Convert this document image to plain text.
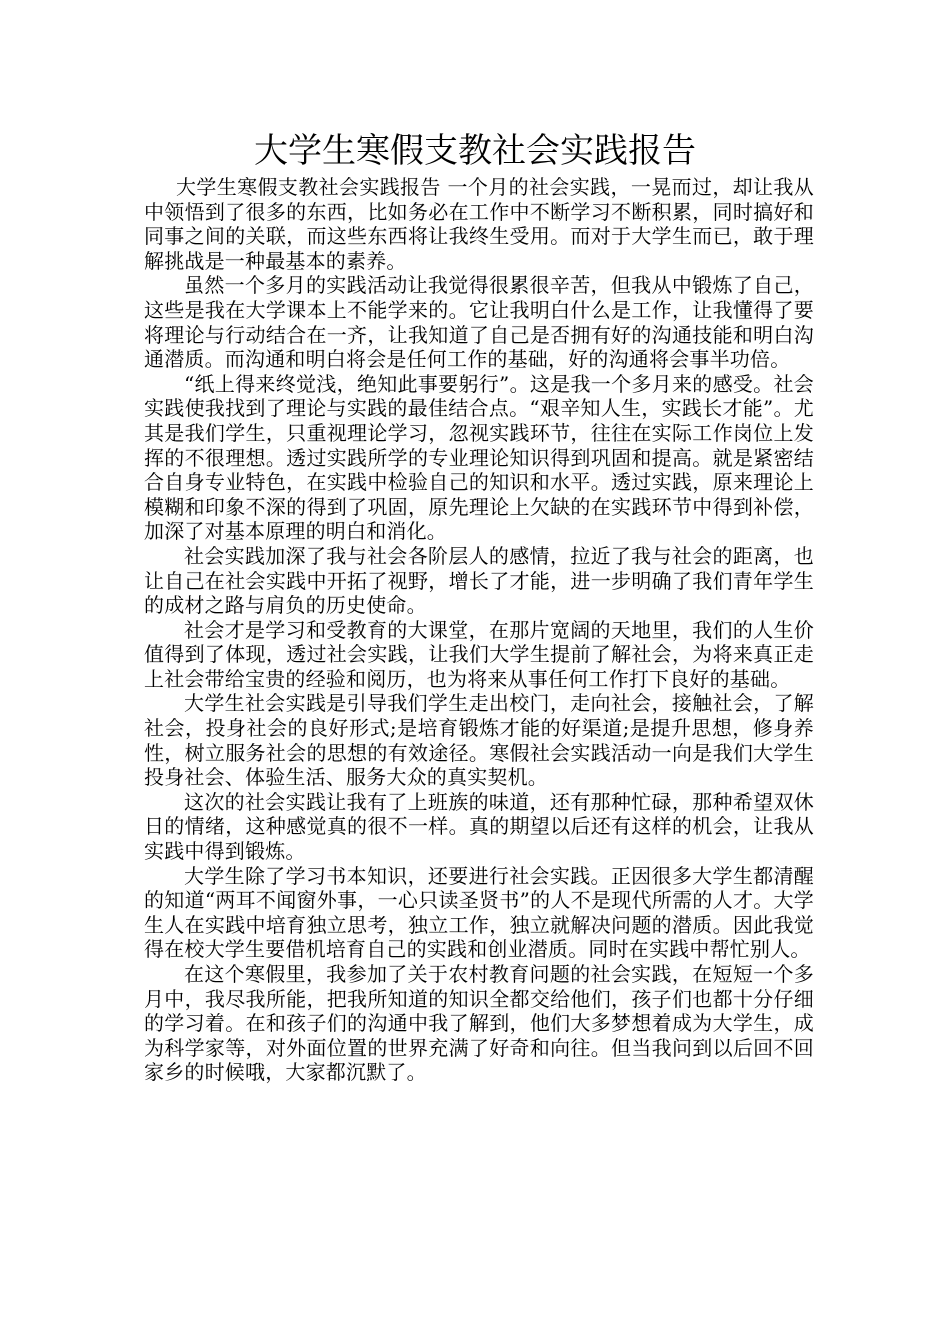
大学生寒假支教社会实践报告

大学生寒假支教社会实践报告 一个月的社会实践，一晃而过，却让我从中领悟到了很多的东西，比如务必在工作中不断学习不断积累，同时搞好和同事之间的关联，而这些东西将让我终生受用。而对于大学生而已，敢于理解挑战是一种最基本的素养。

虽然一个多月的实践活动让我觉得很累很辛苦，但我从中锻炼了自己，这些是我在大学课本上不能学来的。它让我明白什么是工作，让我懂得了要将理论与行动结合在一齐，让我知道了自己是否拥有好的沟通技能和明白沟通潜质。而沟通和明白将会是任何工作的基础，好的沟通将会事半功倍。

“纸上得来终觉浅，绝知此事要躬行”。这是我一个多月来的感受。社会实践使我找到了理论与实践的最佳结合点。“艰辛知人生，实践长才能”。尤其是我们学生，只重视理论学习，忽视实践环节，往往在实际工作岗位上发挥的不很理想。透过实践所学的专业理论知识得到巩固和提高。就是紧密结合自身专业特色，在实践中检验自己的知识和水平。透过实践，原来理论上模糊和印象不深的得到了巩固，原先理论上欠缺的在实践环节中得到补偿，加深了对基本原理的明白和消化。

社会实践加深了我与社会各阶层人的感情，拉近了我与社会的距离，也让自己在社会实践中开拓了视野，增长了才能，进一步明确了我们青年学生的成材之路与肩负的历史使命。

社会才是学习和受教育的大课堂，在那片宽阔的天地里，我们的人生价值得到了体现，透过社会实践，让我们大学生提前了解社会，为将来真正走上社会带给宝贵的经验和阅历，也为将来从事任何工作打下良好的基础。

大学生社会实践是引导我们学生走出校门，走向社会，接触社会，了解社会，投身社会的良好形式;是培育锻炼才能的好渠道;是提升思想，修身养性，树立服务社会的思想的有效途径。寒假社会实践活动一向是我们大学生投身社会、体验生活、服务大众的真实契机。

这次的社会实践让我有了上班族的味道，还有那种忙碌，那种希望双休日的情绪，这种感觉真的很不一样。真的期望以后还有这样的机会，让我从实践中得到锻炼。

大学生除了学习书本知识，还要进行社会实践。正因很多大学生都清醒的知道“两耳不闻窗外事，一心只读圣贤书”的人不是现代所需的人才。大学生人在实践中培育独立思考，独立工作，独立就解决问题的潜质。因此我觉得在校大学生要借机培育自己的实践和创业潜质。同时在实践中帮忙别人。

在这个寒假里，我参加了关于农村教育问题的社会实践，在短短一个多月中，我尽我所能，把我所知道的知识全都交给他们，孩子们也都十分仔细的学习着。在和孩子们的沟通中我了解到，他们大多梦想着成为大学生，成为科学家等，对外面位置的世界充满了好奇和向往。但当我问到以后回不回家乡的时候哦，大家都沉默了。
